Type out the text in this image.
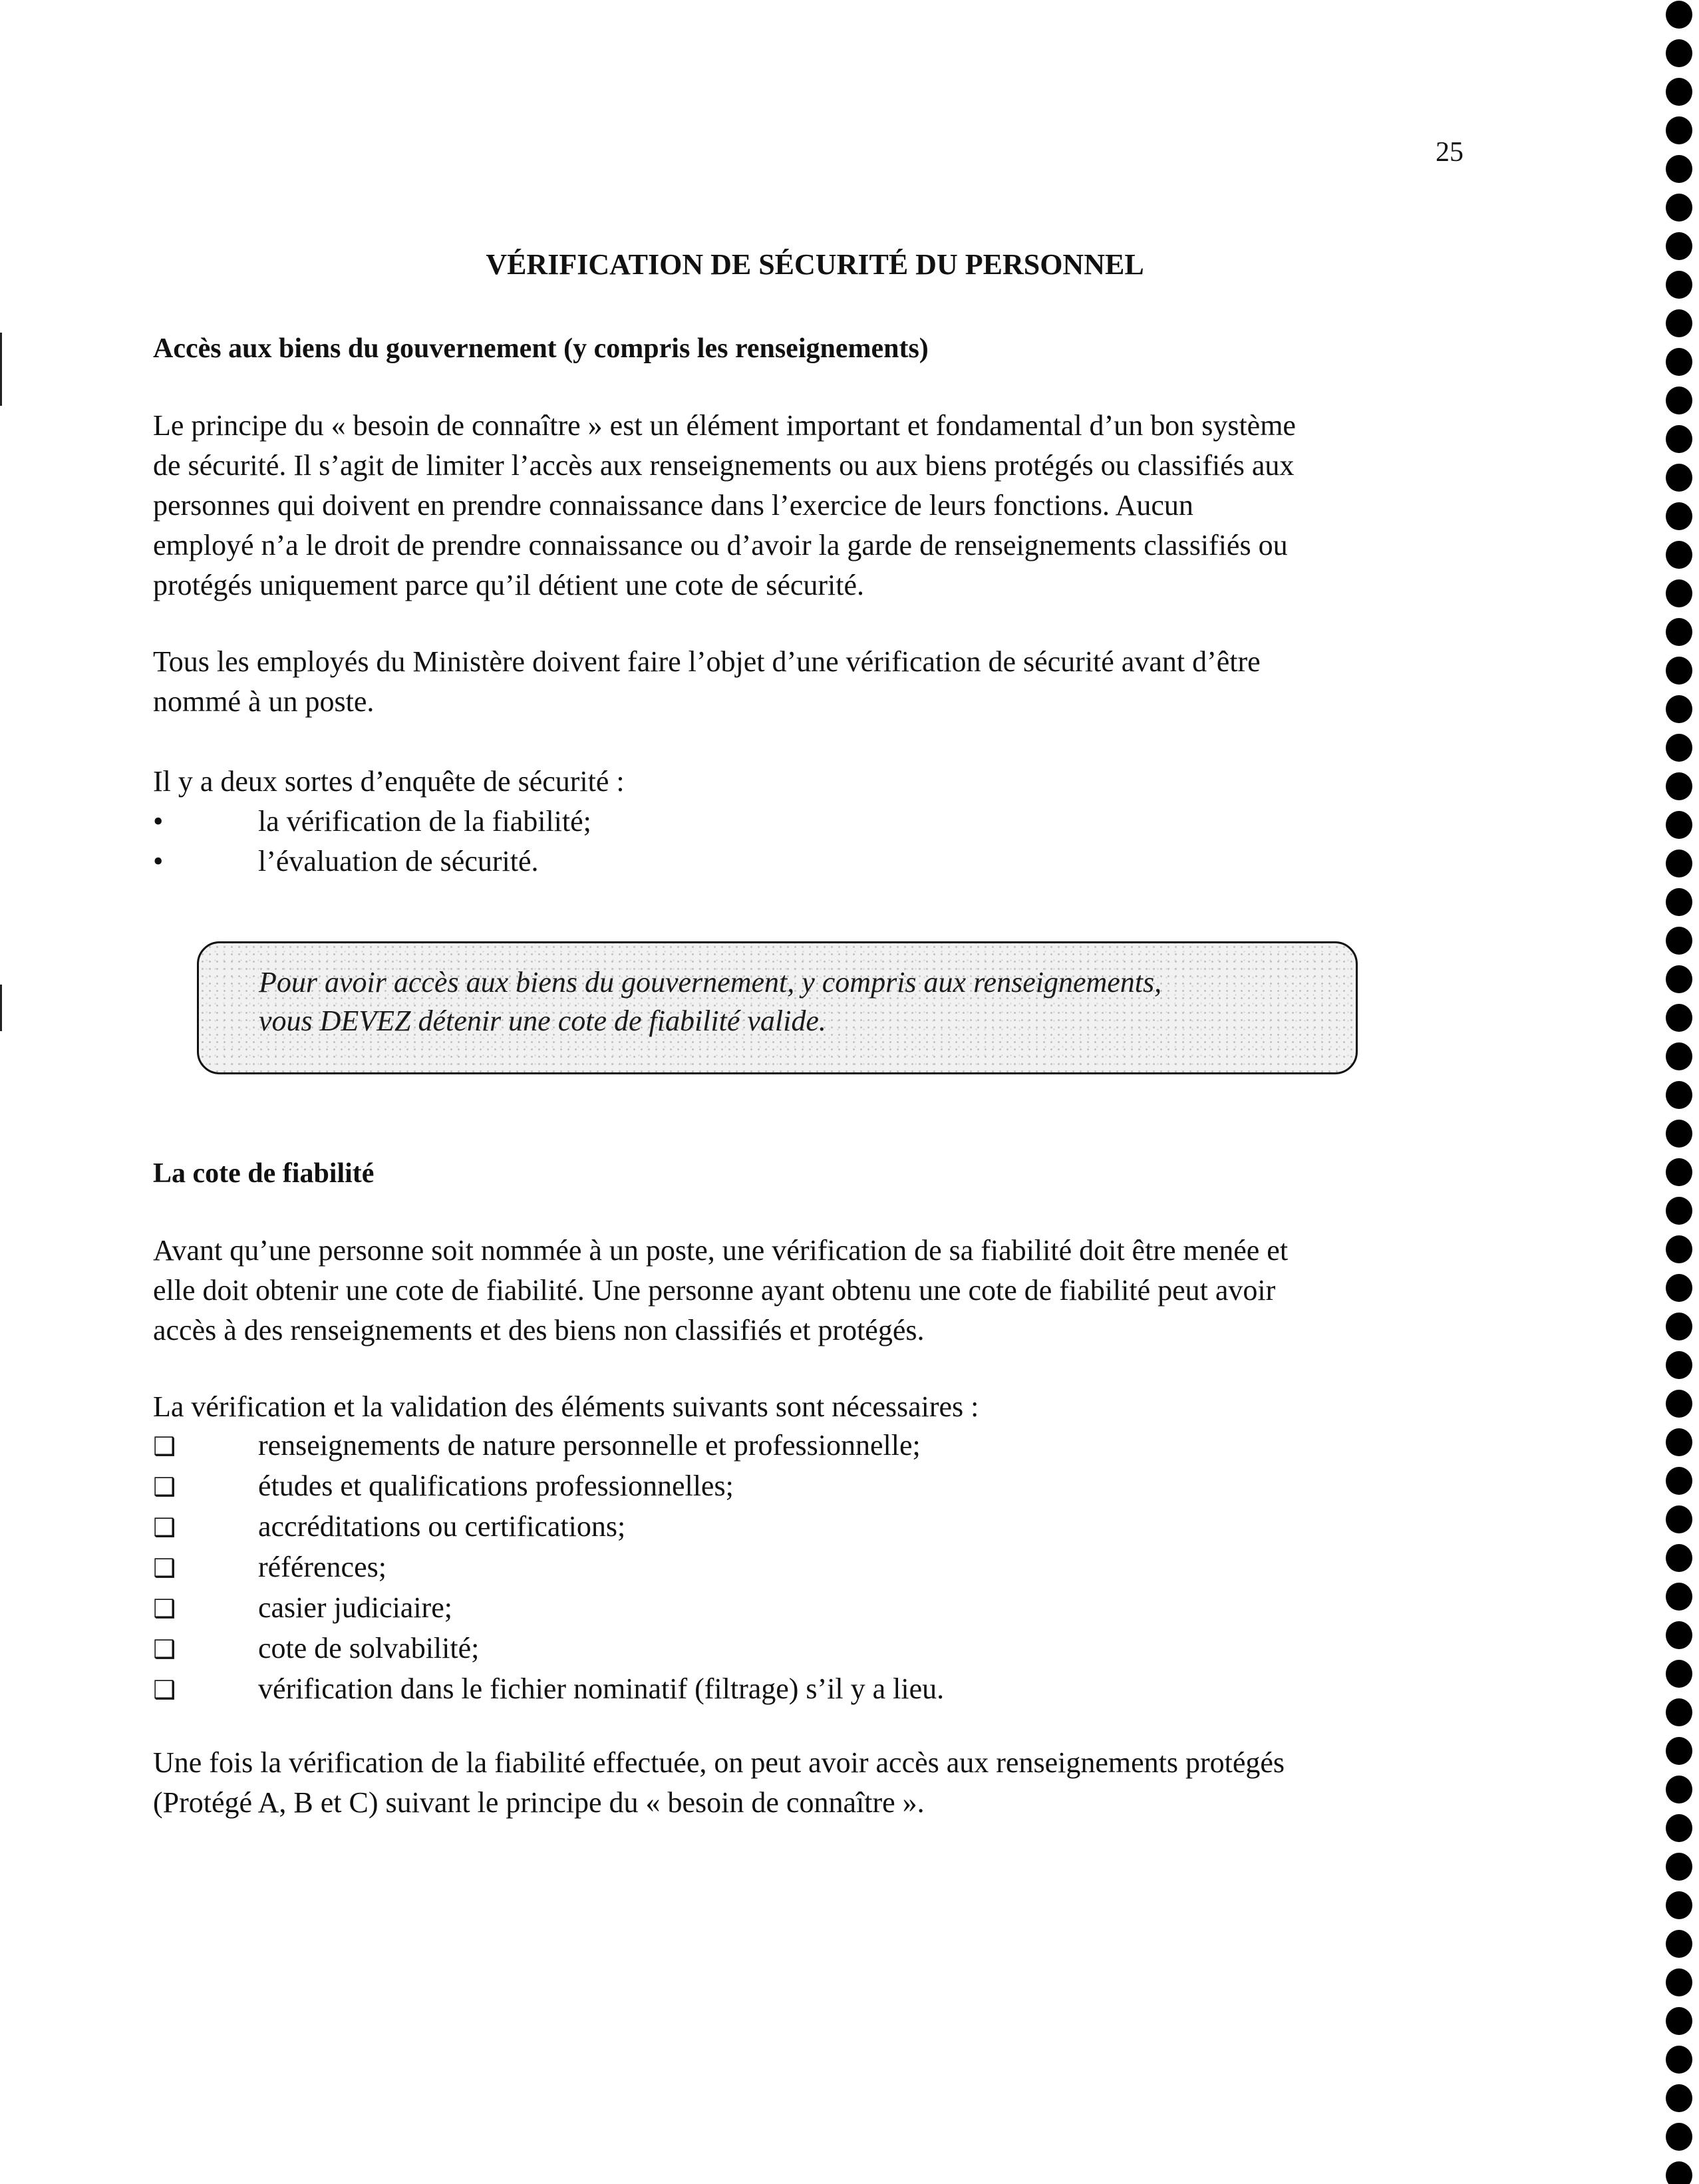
25
VÉRIFICATION DE SÉCURITÉ DU PERSONNEL
Accès aux biens du gouvernement (y compris les renseignements)

Le principe du « besoin de connaître » est un élément important et fondamental d’un bon système
de sécurité. Il s’agit de limiter l’accès aux renseignements ou aux biens protégés ou classifiés aux
personnes qui doivent en prendre connaissance dans l’exercice de leurs fonctions. Aucun
employé n’a le droit de prendre connaissance ou d’avoir la garde de renseignements classifiés ou
protégés uniquement parce qu’il détient une cote de sécurité.

Tous les employés du Ministère doivent faire l’objet d’une vérification de sécurité avant d’être
nommé à un poste.

Il y a deux sortes d’enquête de sécurité :

•	la vérification de la fiabilité;
•	l’évaluation de sécurité.
Pour avoir accès aux biens du gouvernement, y compris aux renseignements,
vous DEVEZ détenir une cote de fiabilité valide.
La cote de fiabilité

Avant qu’une personne soit nommée à un poste, une vérification de sa fiabilité doit être menée et
elle doit obtenir une cote de fiabilité. Une personne ayant obtenu une cote de fiabilité peut avoir
accès à des renseignements et des biens non classifiés et protégés.

La vérification et la validation des éléments suivants sont nécessaires :

❑	renseignements de nature personnelle et professionnelle;
❑	études et qualifications professionnelles;
❑	accréditations ou certifications;
❑	références;
❑	casier judiciaire;
❑	cote de solvabilité;
❑	vérification dans le fichier nominatif (filtrage) s’il y a lieu.

Une fois la vérification de la fiabilité effectuée, on peut avoir accès aux renseignements protégés
(Protégé A, B et C) suivant le principe du « besoin de connaître ».
